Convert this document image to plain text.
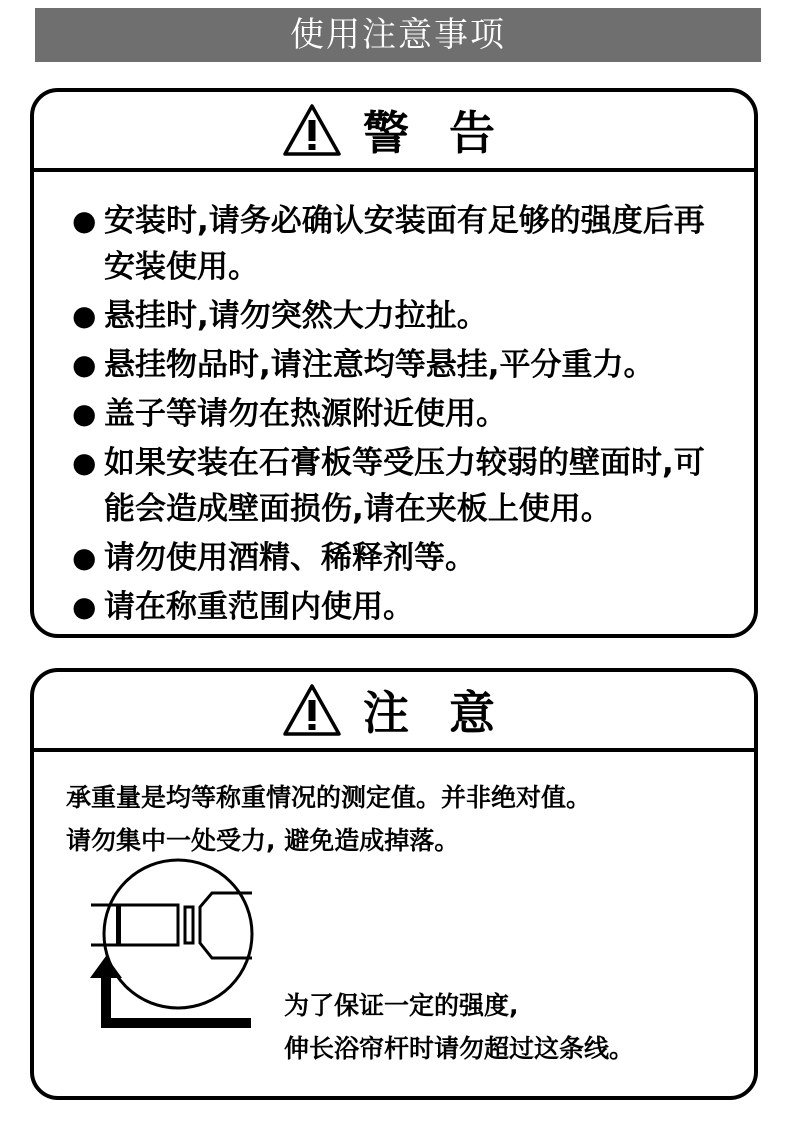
使用注意事项
警 告
● 安装时,请务必确认安装面有足够的强度后再安装使用。
● 悬挂时,请勿突然大力拉扯。
● 悬挂物品时,请注意均等悬挂,平分重力。
● 盖子等请勿在热源附近使用。
● 如果安装在石膏板等受压力较弱的壁面时,可能会造成壁面损伤,请在夹板上使用。
● 请勿使用酒精、稀释剂等。
● 请在称重范围内使用。
注 意
承重量是均等称重情况的测定值。并非绝对值。
请勿集中一处受力, 避免造成掉落。
为了保证一定的强度,
伸长浴帘杆时请勿超过这条线。
